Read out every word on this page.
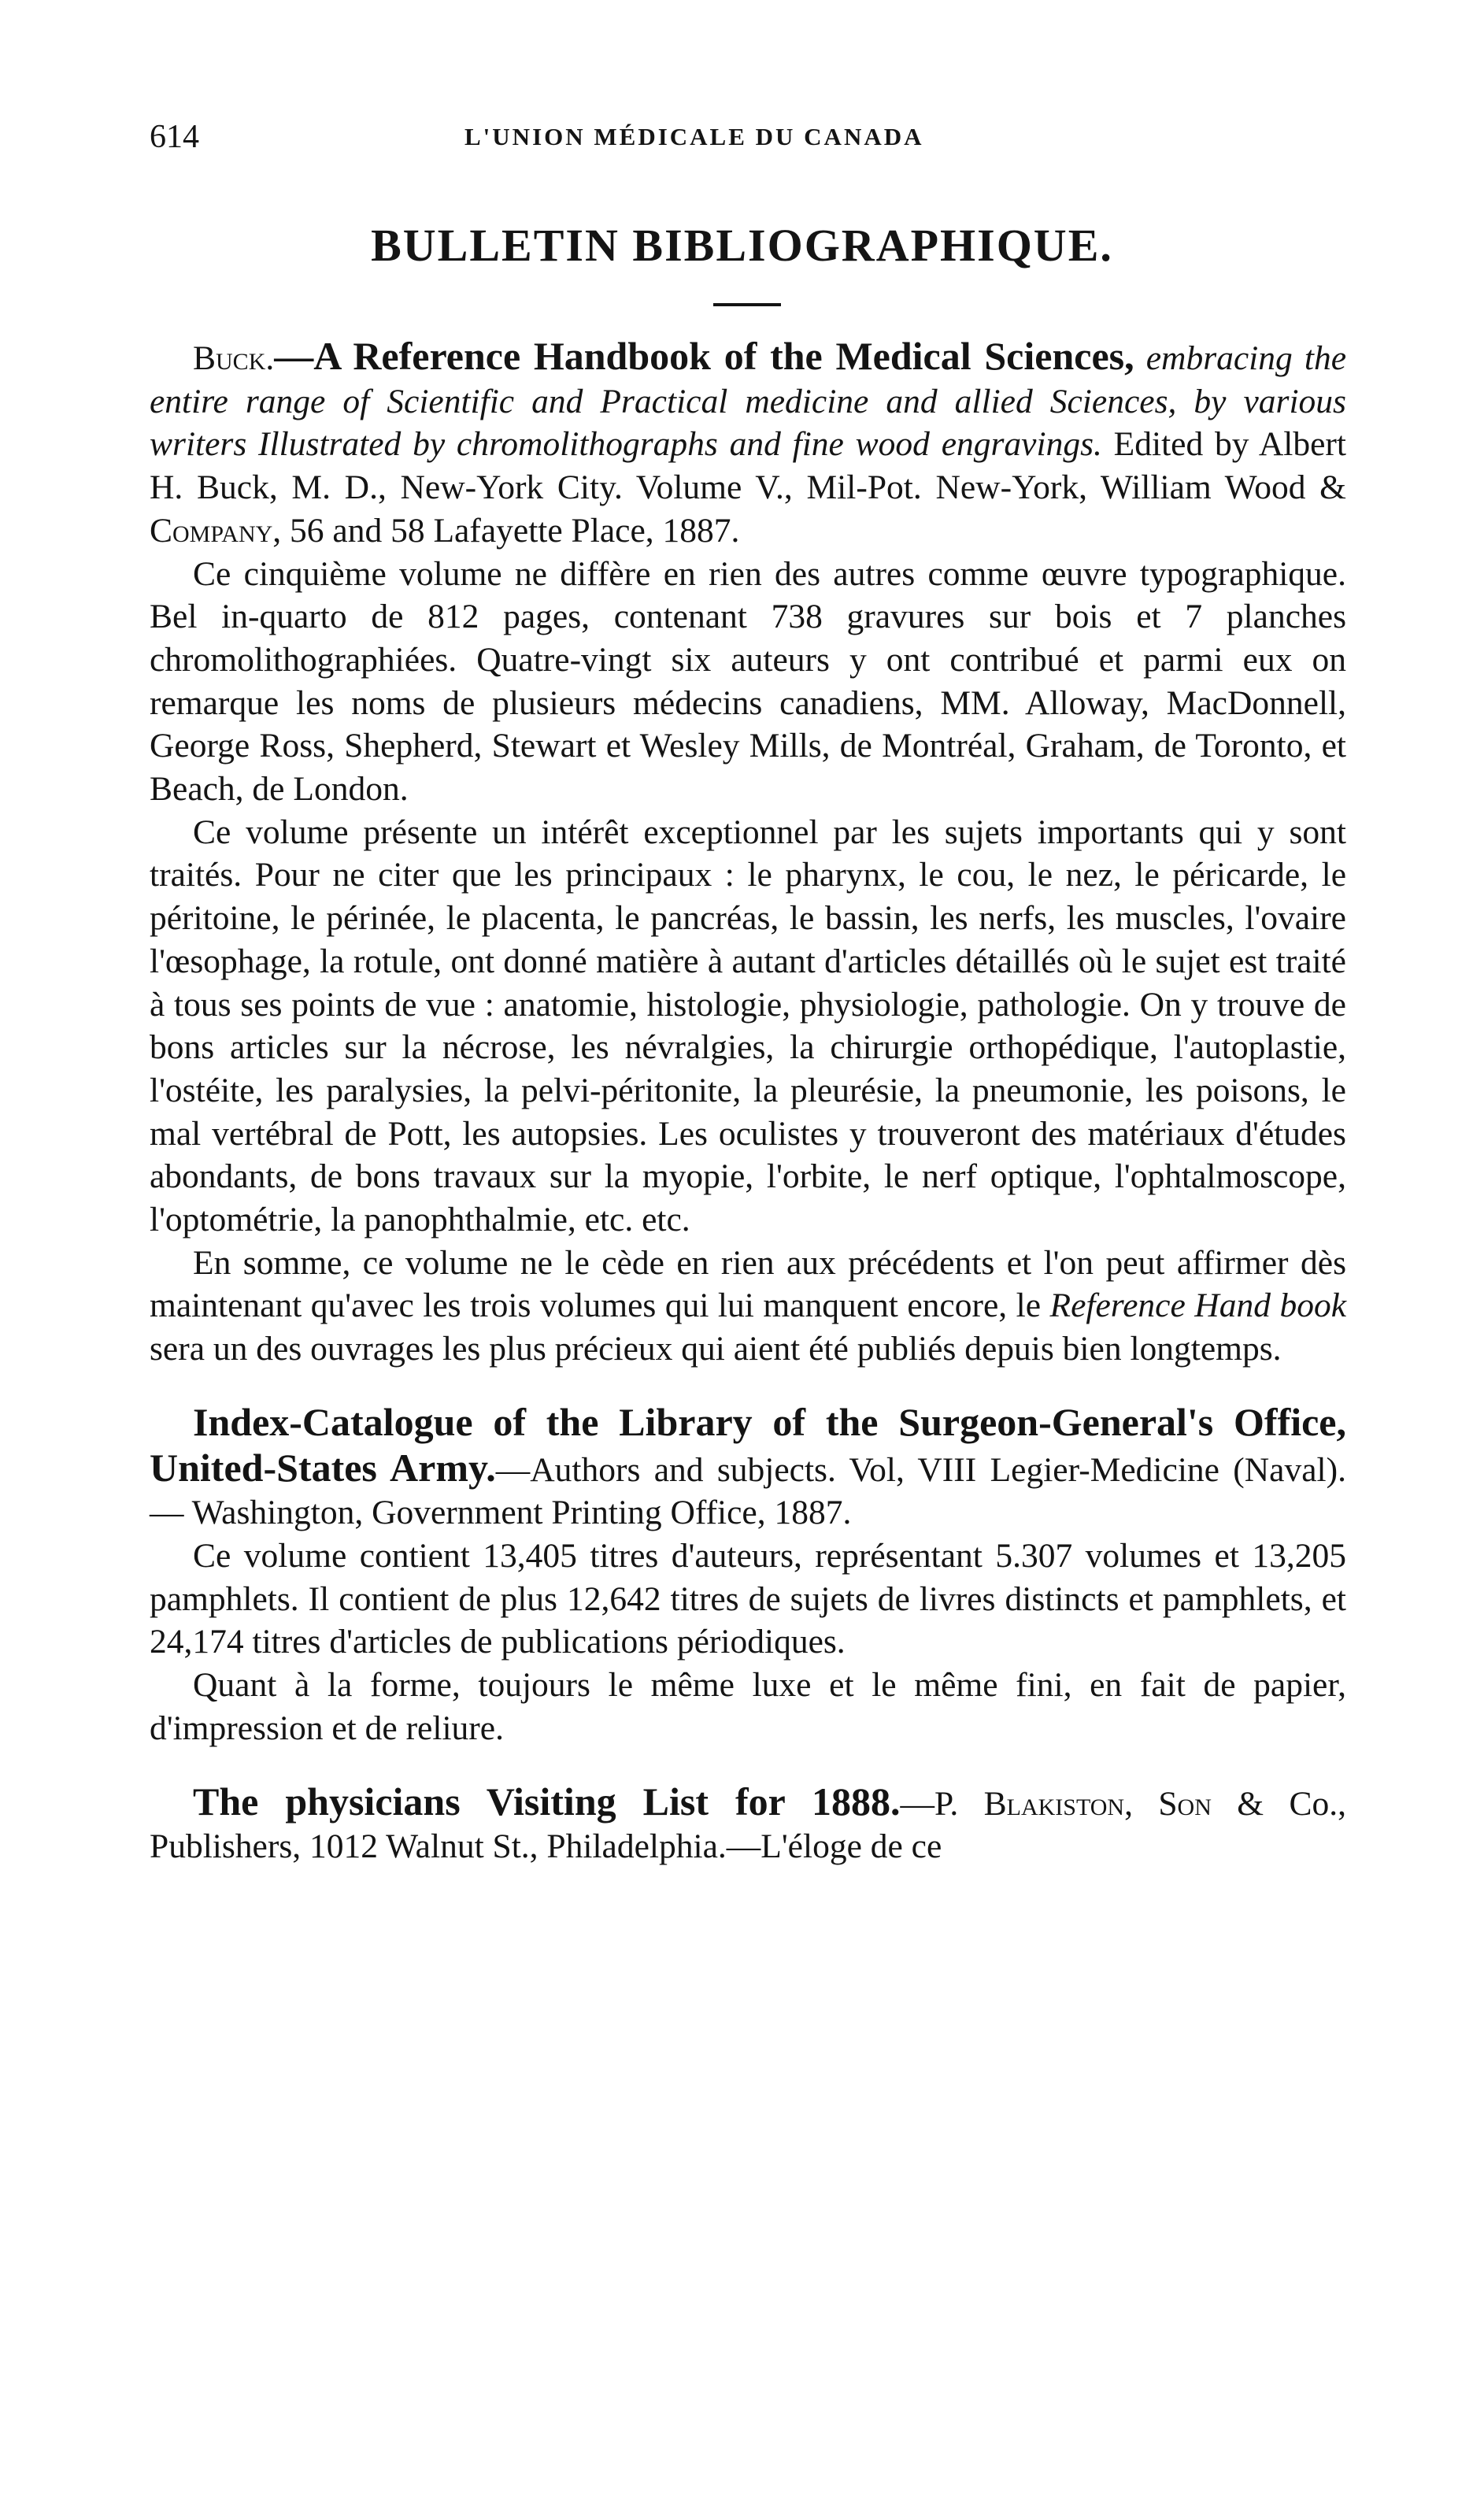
614	L'UNION MÉDICALE DU CANADA
BULLETIN BIBLIOGRAPHIQUE.

Buck.—A Reference Handbook of the Medical Sciences, embracing the entire range of Scientific and Practical medicine and allied Sciences, by various writers Illustrated by chromolithographs and fine wood engravings. Edited by Albert H. Buck, M. D., New-York City. Volume V., Mil-Pot. New-York, William Wood & Company, 56 and 58 Lafayette Place, 1887.

Ce cinquième volume ne diffère en rien des autres comme œuvre typographique. Bel in-quarto de 812 pages, contenant 738 gravures sur bois et 7 planches chromolithographiées. Quatre-vingt six auteurs y ont contribué et parmi eux on remarque les noms de plusieurs médecins canadiens, MM. Alloway, MacDonnell, George Ross, Shepherd, Stewart et Wesley Mills, de Montréal, Graham, de Toronto, et Beach, de London.

Ce volume présente un intérêt exceptionnel par les sujets importants qui y sont traités. Pour ne citer que les principaux : le pharynx, le cou, le nez, le péricarde, le péritoine, le périnée, le placenta, le pancréas, le bassin, les nerfs, les muscles, l'ovaire l'œsophage, la rotule, ont donné matière à autant d'articles détaillés où le sujet est traité à tous ses points de vue : anatomie, histologie, physiologie, pathologie. On y trouve de bons articles sur la nécrose, les névralgies, la chirurgie orthopédique, l'autoplastie, l'ostéite, les paralysies, la pelvi-péritonite, la pleurésie, la pneumonie, les poisons, le mal vertébral de Pott, les autopsies. Les oculistes y trouveront des matériaux d'études abondants, de bons travaux sur la myopie, l'orbite, le nerf optique, l'ophtalmoscope, l'optométrie, la panophthalmie, etc. etc.

En somme, ce volume ne le cède en rien aux précédents et l'on peut affirmer dès maintenant qu'avec les trois volumes qui lui manquent encore, le Reference Hand book sera un des ouvrages les plus précieux qui aient été publiés depuis bien longtemps.

Index-Catalogue of the Library of the Surgeon-General's Office, United-States Army.—Authors and subjects. Vol, VIII Legier-Medicine (Naval). — Washington, Government Printing Office, 1887.

Ce volume contient 13,405 titres d'auteurs, représentant 5.307 volumes et 13,205 pamphlets. Il contient de plus 12,642 titres de sujets de livres distincts et pamphlets, et 24,174 titres d'articles de publications périodiques.

Quant à la forme, toujours le même luxe et le même fini, en fait de papier, d'impression et de reliure.

The physicians Visiting List for 1888.—P. Blakiston, Son & Co., Publishers, 1012 Walnut St., Philadelphia.—L'éloge de ce
